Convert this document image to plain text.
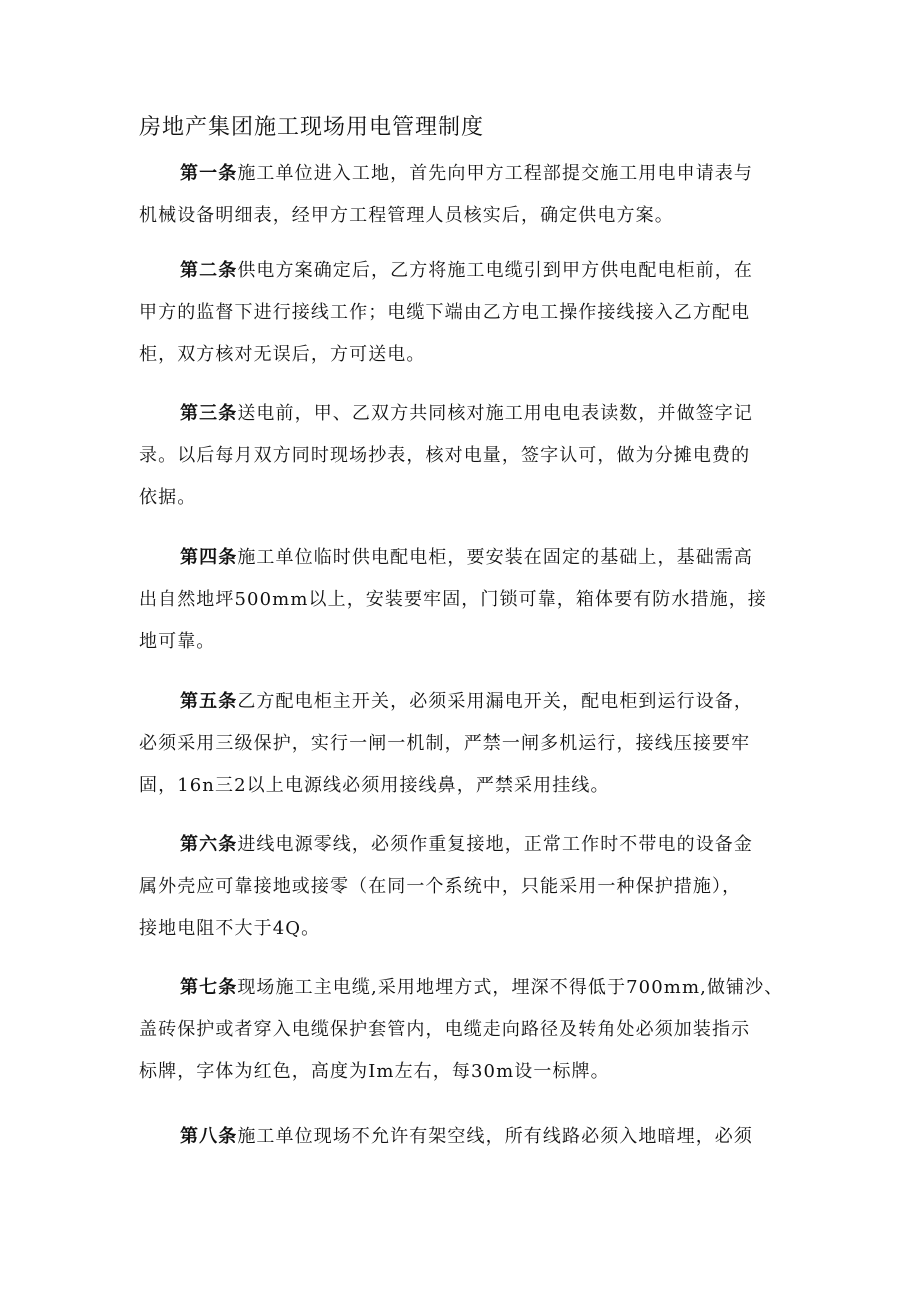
房地产集团施工现场用电管理制度
第一条施工单位进入工地，首先向甲方工程部提交施工用电申请表与
机械设备明细表，经甲方工程管理人员核实后，确定供电方案。
第二条供电方案确定后，乙方将施工电缆引到甲方供电配电柜前，在
甲方的监督下进行接线工作；电缆下端由乙方电工操作接线接入乙方配电
柜，双方核对无误后，方可送电。
第三条送电前，甲、乙双方共同核对施工用电电表读数，并做签字记
录。以后每月双方同时现场抄表，核对电量，签字认可，做为分摊电费的
依据。
第四条施工单位临时供电配电柜，要安装在固定的基础上，基础需高
出自然地坪500mm以上，安装要牢固，门锁可靠，箱体要有防水措施，接
地可靠。
第五条乙方配电柜主开关，必须采用漏电开关，配电柜到运行设备，
必须采用三级保护，实行一闸一机制，严禁一闸多机运行，接线压接要牢
固，16n三2以上电源线必须用接线鼻，严禁采用挂线。
第六条进线电源零线，必须作重复接地，正常工作时不带电的设备金
属外壳应可靠接地或接零（在同一个系统中，只能采用一种保护措施），
接地电阻不大于4Q。
第七条现场施工主电缆,采用地埋方式，埋深不得低于700mm,做铺沙、
盖砖保护或者穿入电缆保护套管内，电缆走向路径及转角处必须加装指示
标牌，字体为红色，高度为Im左右，每30m设一标牌。
第八条施工单位现场不允许有架空线，所有线路必须入地暗埋，必须
